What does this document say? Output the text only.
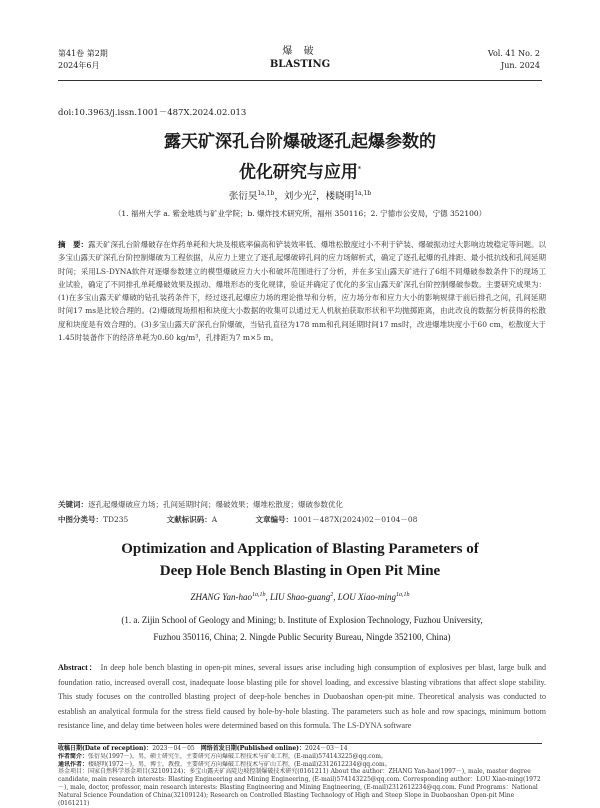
第41卷 第2期
2024年6月
爆 破
BLASTING
Vol. 41 No. 2
Jun. 2024
doi:10.3963/j.issn.1001－487X.2024.02.013
露天矿深孔台阶爆破逐孔起爆参数的
优化研究与应用*
张衍昊$^{1a,1b}$，刘少光$^2$，楼晓明$^{1a,1b}$
（1. 福州大学 a. 紫金地质与矿业学院；b. 爆炸技术研究所，福州 350116；2. 宁德市公安局，宁德 352100）
摘　要：露天矿深孔台阶爆破存在炸药单耗和大块及根底率偏高和铲装效率低、爆堆松散度过小不利于铲装、爆破振动过大影响边坡稳定等问题。以多宝山露天矿深孔台阶控制爆破为工程依据，从应力上建立了逐孔起爆破碎孔间的应力场解析式，确定了逐孔起爆的孔排距、最小抵抗线和孔间延期时间；采用LS-DYNA软件对逐爆参数建立的模型爆破应力大小和破坏范围进行了分析，并在多宝山露天矿进行了6组不同爆破参数条件下的现场工业试验，确定了不同排孔单耗爆破效果及振动、爆堆形态的变化规律，验证并确定了优化的多宝山露天矿深孔台阶控制爆破参数。主要研究成果为：(1)在多宝山露天矿爆破的钻孔装药条件下，经过逐孔起爆应力场的理论推导和分析，应力场分布和应力大小的影响规律于前后排孔之间，孔间延期时间17 ms是比较合理的。(2)爆破现场照相和块度大小数据的收集可以通过无人机航拍获取形状和平均抛掷距离，由此改良的数据分析获得的松散度和块度是有效合理的。(3)多宝山露天矿深孔台阶爆破，当钻孔直径为178 mm和孔间延期时间17 ms时，改进爆堆块度小于60 cm，松散度大于1.45时装备作下的经济单耗为0.60 kg/m³，孔排距为7 m×5 m。
关键词：逐孔起爆爆破应力场；孔间延期时间；爆破效果；爆堆松散度；爆破参数优化
中图分类号：TD235	文献标识码：A	文章编号：1001－487X(2024)02－0104－08
Optimization and Application of Blasting Parameters of
Deep Hole Bench Blasting in Open Pit Mine
ZHANG Yan-hao$^{1a,1b}$, LIU Shao-guang$^2$, LOU Xiao-ming$^{1a,1b}$
(1. a. Zijin School of Geology and Mining; b. Institute of Explosion Technology, Fuzhou University,
Fuzhou 350116, China; 2. Ningde Public Security Bureau, Ningde 352100, China)
Abstract： In deep hole bench blasting in open-pit mines, several issues arise including high consumption of explosives per blast, large bulk and foundation ratio, increased overall cost, inadequate loose blasting pile for shovel loading, and excessive blasting vibrations that affect slope stability. This study focuses on the controlled blasting project of deep-hole benches in Duobaoshan open-pit mine. Theoretical analysis was conducted to establish an analytical formula for the stress field caused by hole-by-hole blasting. The parameters such as hole and row spacings, minimum bottom resistance line, and delay time between holes were determined based on this formula. The LS-DYNA software
收稿日期(Date of reception)：2023－04－05　 网络首发日期(Published online)：2024－03－14
作者简介：张衍昊(1997－)，男，硕士研究生，主要研究方向爆破工程技术与矿业工程，(E-mail)574143225@qq.com。
通讯作者：楼晓明(1972－)，男，博士，教授，主要研究方向爆破工程技术与矿山工程，(E-mail)2312612234@qq.com。
基金项目：国家自然科学基金项目(32109124)；多宝山露天矿高陡边坡控制爆破技术研究(0161211) About the author：ZHANG Yan-hao(1997－), male, master degree candidate, main research interests: Blasting Engineering and Mining Engineering, (E-mail)574143225@qq.com. Corresponding author：LOU Xiao-ming(1972－), male, doctor, professor, main research interests: Blasting Engineering and Mining Engineering, (E-mail)2312612234@qq.com. Fund Programs：National Natural Science Foundation of China(32109124); Research on Controlled Blasting Technology of High and Steep Slope in Duobaoshan Open-pit Mine (0161211)
